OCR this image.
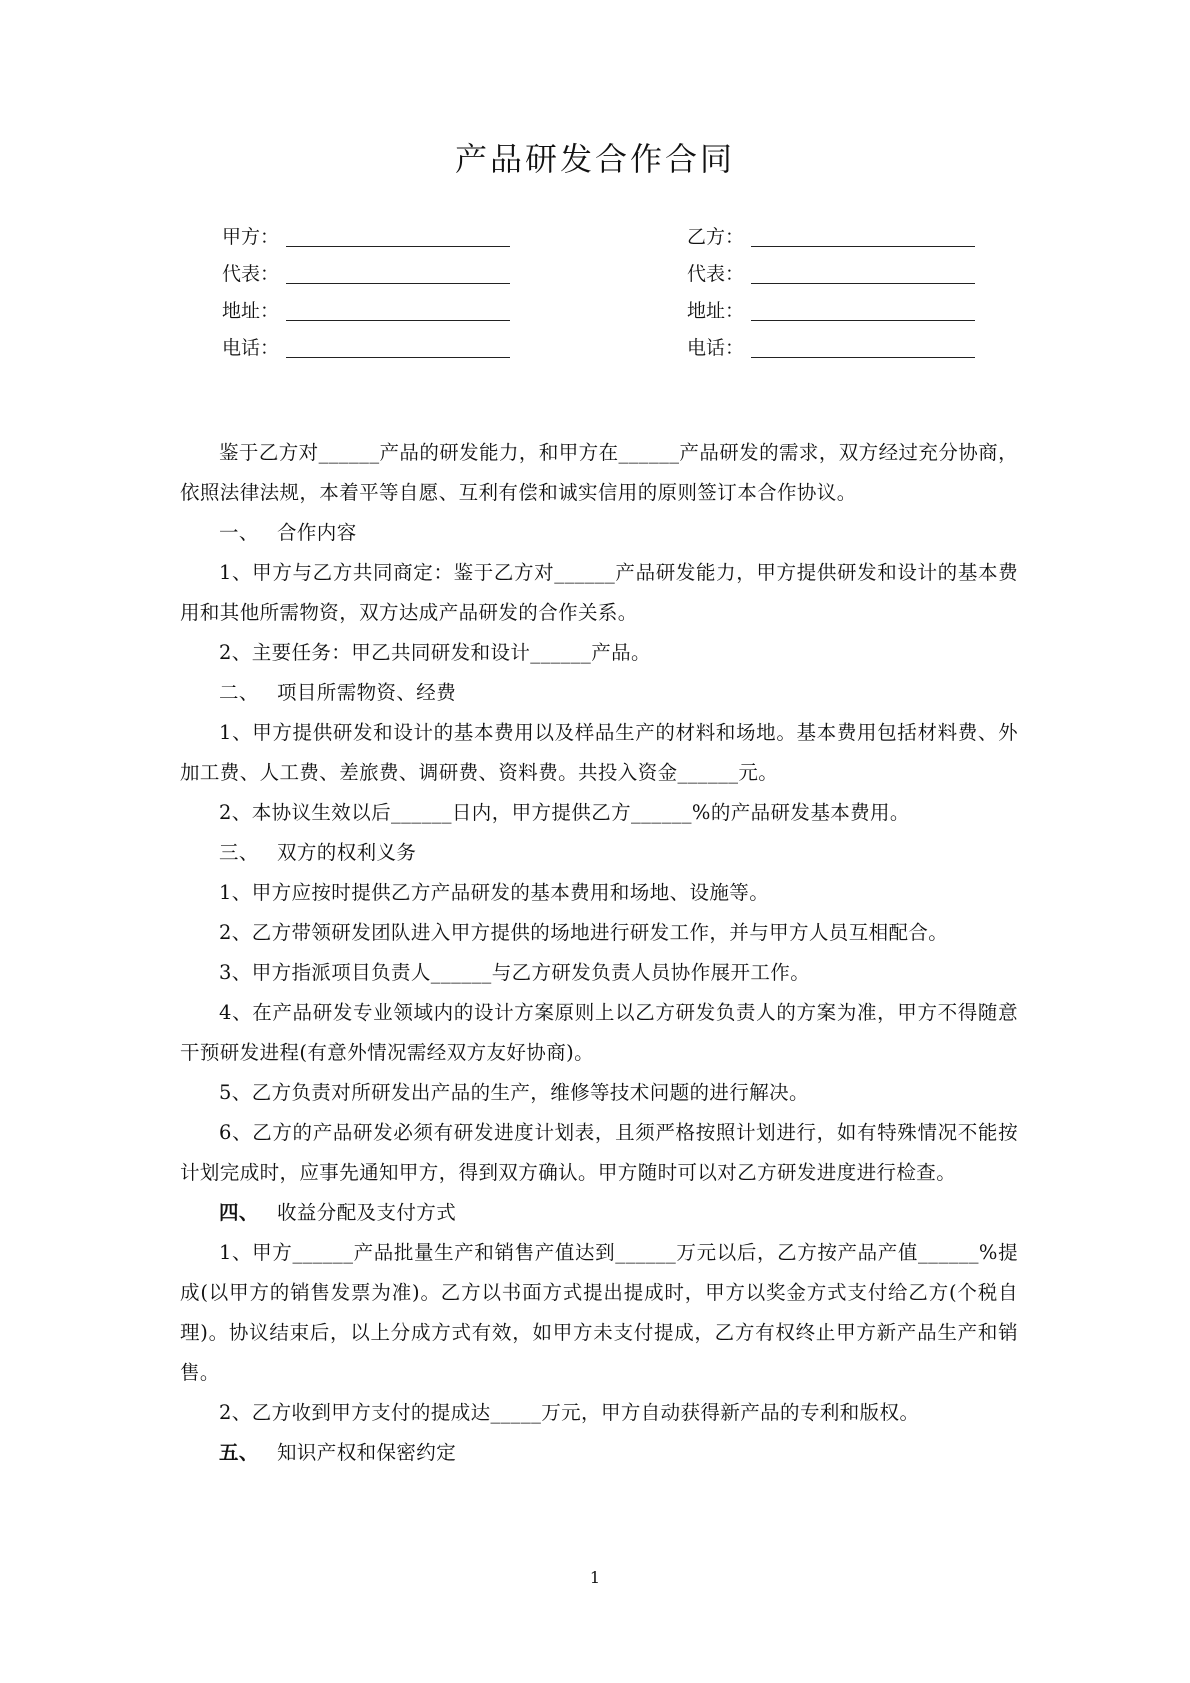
产品研发合作合同
甲方：
代表：
地址：
电话：
乙方：
代表：
地址：
电话：

鉴于乙方对______产品的研发能力，和甲方在______产品研发的需求，双方经过充分协商，依照法律法规，本着平等自愿、互利有偿和诚实信用的原则签订本合作协议。

一、 合作内容

1、甲方与乙方共同商定：鉴于乙方对______产品研发能力，甲方提供研发和设计的基本费用和其他所需物资，双方达成产品研发的合作关系。

2、主要任务：甲乙共同研发和设计______产品。

二、 项目所需物资、经费

1、甲方提供研发和设计的基本费用以及样品生产的材料和场地。基本费用包括材料费、外加工费、人工费、差旅费、调研费、资料费。共投入资金______元。

2、本协议生效以后______日内，甲方提供乙方______%的产品研发基本费用。

三、 双方的权利义务

1、甲方应按时提供乙方产品研发的基本费用和场地、设施等。

2、乙方带领研发团队进入甲方提供的场地进行研发工作，并与甲方人员互相配合。

3、甲方指派项目负责人______与乙方研发负责人员协作展开工作。

4、在产品研发专业领域内的设计方案原则上以乙方研发负责人的方案为准，甲方不得随意干预研发进程(有意外情况需经双方友好协商)。

5、乙方负责对所研发出产品的生产，维修等技术问题的进行解决。

6、乙方的产品研发必须有研发进度计划表，且须严格按照计划进行，如有特殊情况不能按计划完成时，应事先通知甲方，得到双方确认。甲方随时可以对乙方研发进度进行检查。

四、 收益分配及支付方式

1、甲方______产品批量生产和销售产值达到______万元以后，乙方按产品产值______%提成(以甲方的销售发票为准)。乙方以书面方式提出提成时，甲方以奖金方式支付给乙方(个税自理)。协议结束后，以上分成方式有效，如甲方未支付提成，乙方有权终止甲方新产品生产和销售。

2、乙方收到甲方支付的提成达_____万元，甲方自动获得新产品的专利和版权。

五、 知识产权和保密约定

1
